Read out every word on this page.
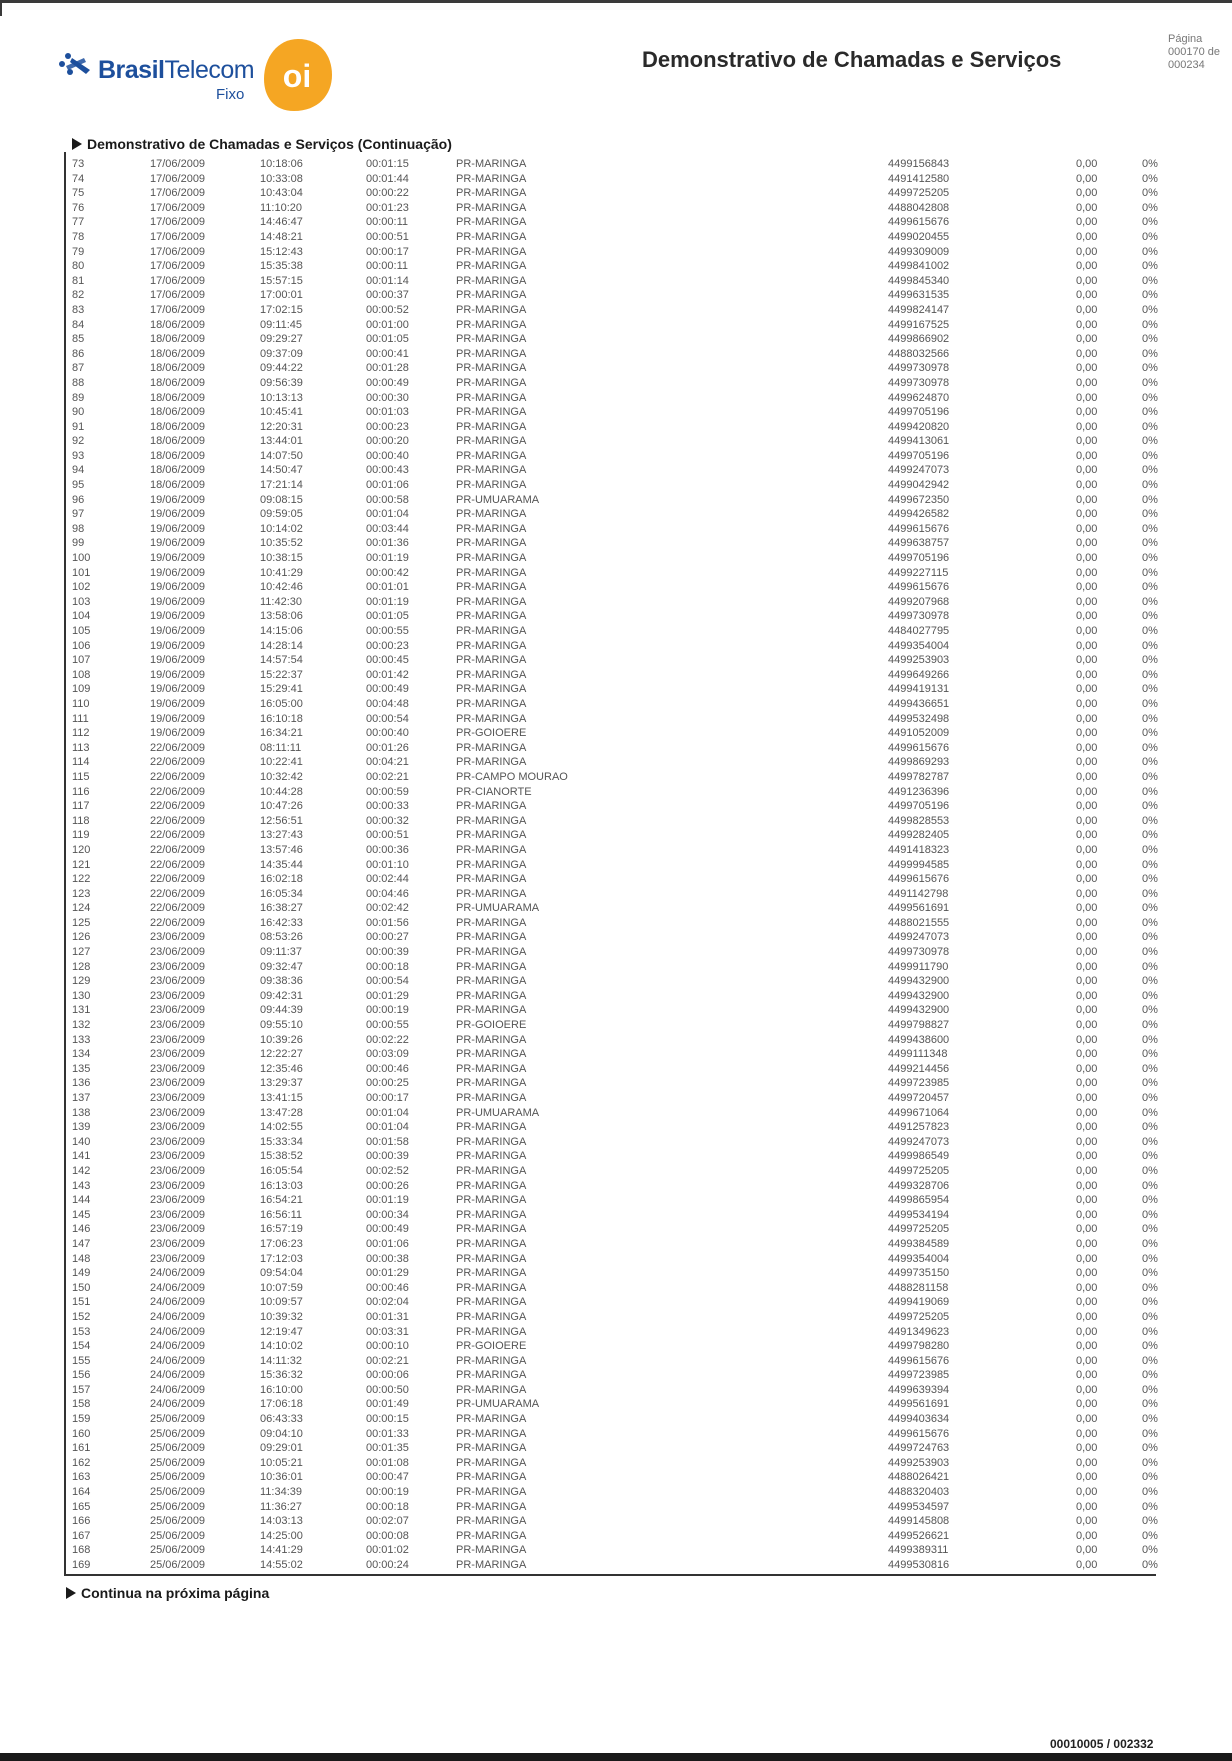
BrasilTelecom
Fixo
oi	Demonstrativo de Chamadas e Serviços
Página
000170 de
000234
Demonstrativo de Chamadas e Serviços (Continuação)
73	17/06/2009	10:18:06	00:01:15	PR-MARINGA	4499156843	0,00	0%
74	17/06/2009	10:33:08	00:01:44	PR-MARINGA	4491412580	0,00	0%
75	17/06/2009	10:43:04	00:00:22	PR-MARINGA	4499725205	0,00	0%
76	17/06/2009	11:10:20	00:01:23	PR-MARINGA	4488042808	0,00	0%
77	17/06/2009	14:46:47	00:00:11	PR-MARINGA	4499615676	0,00	0%
78	17/06/2009	14:48:21	00:00:51	PR-MARINGA	4499020455	0,00	0%
79	17/06/2009	15:12:43	00:00:17	PR-MARINGA	4499309009	0,00	0%
80	17/06/2009	15:35:38	00:00:11	PR-MARINGA	4499841002	0,00	0%
81	17/06/2009	15:57:15	00:01:14	PR-MARINGA	4499845340	0,00	0%
82	17/06/2009	17:00:01	00:00:37	PR-MARINGA	4499631535	0,00	0%
83	17/06/2009	17:02:15	00:00:52	PR-MARINGA	4499824147	0,00	0%
84	18/06/2009	09:11:45	00:01:00	PR-MARINGA	4499167525	0,00	0%
85	18/06/2009	09:29:27	00:01:05	PR-MARINGA	4499866902	0,00	0%
86	18/06/2009	09:37:09	00:00:41	PR-MARINGA	4488032566	0,00	0%
87	18/06/2009	09:44:22	00:01:28	PR-MARINGA	4499730978	0,00	0%
88	18/06/2009	09:56:39	00:00:49	PR-MARINGA	4499730978	0,00	0%
89	18/06/2009	10:13:13	00:00:30	PR-MARINGA	4499624870	0,00	0%
90	18/06/2009	10:45:41	00:01:03	PR-MARINGA	4499705196	0,00	0%
91	18/06/2009	12:20:31	00:00:23	PR-MARINGA	4499420820	0,00	0%
92	18/06/2009	13:44:01	00:00:20	PR-MARINGA	4499413061	0,00	0%
93	18/06/2009	14:07:50	00:00:40	PR-MARINGA	4499705196	0,00	0%
94	18/06/2009	14:50:47	00:00:43	PR-MARINGA	4499247073	0,00	0%
95	18/06/2009	17:21:14	00:01:06	PR-MARINGA	4499042942	0,00	0%
96	19/06/2009	09:08:15	00:00:58	PR-UMUARAMA	4499672350	0,00	0%
97	19/06/2009	09:59:05	00:01:04	PR-MARINGA	4499426582	0,00	0%
98	19/06/2009	10:14:02	00:03:44	PR-MARINGA	4499615676	0,00	0%
99	19/06/2009	10:35:52	00:01:36	PR-MARINGA	4499638757	0,00	0%
100	19/06/2009	10:38:15	00:01:19	PR-MARINGA	4499705196	0,00	0%
101	19/06/2009	10:41:29	00:00:42	PR-MARINGA	4499227115	0,00	0%
102	19/06/2009	10:42:46	00:01:01	PR-MARINGA	4499615676	0,00	0%
103	19/06/2009	11:42:30	00:01:19	PR-MARINGA	4499207968	0,00	0%
104	19/06/2009	13:58:06	00:01:05	PR-MARINGA	4499730978	0,00	0%
105	19/06/2009	14:15:06	00:00:55	PR-MARINGA	4484027795	0,00	0%
106	19/06/2009	14:28:14	00:00:23	PR-MARINGA	4499354004	0,00	0%
107	19/06/2009	14:57:54	00:00:45	PR-MARINGA	4499253903	0,00	0%
108	19/06/2009	15:22:37	00:01:42	PR-MARINGA	4499649266	0,00	0%
109	19/06/2009	15:29:41	00:00:49	PR-MARINGA	4499419131	0,00	0%
110	19/06/2009	16:05:00	00:04:48	PR-MARINGA	4499436651	0,00	0%
111	19/06/2009	16:10:18	00:00:54	PR-MARINGA	4499532498	0,00	0%
112	19/06/2009	16:34:21	00:00:40	PR-GOIOERE	4491052009	0,00	0%
113	22/06/2009	08:11:11	00:01:26	PR-MARINGA	4499615676	0,00	0%
114	22/06/2009	10:22:41	00:04:21	PR-MARINGA	4499869293	0,00	0%
115	22/06/2009	10:32:42	00:02:21	PR-CAMPO MOURAO	4499782787	0,00	0%
116	22/06/2009	10:44:28	00:00:59	PR-CIANORTE	4491236396	0,00	0%
117	22/06/2009	10:47:26	00:00:33	PR-MARINGA	4499705196	0,00	0%
118	22/06/2009	12:56:51	00:00:32	PR-MARINGA	4499828553	0,00	0%
119	22/06/2009	13:27:43	00:00:51	PR-MARINGA	4499282405	0,00	0%
120	22/06/2009	13:57:46	00:00:36	PR-MARINGA	4491418323	0,00	0%
121	22/06/2009	14:35:44	00:01:10	PR-MARINGA	4499994585	0,00	0%
122	22/06/2009	16:02:18	00:02:44	PR-MARINGA	4499615676	0,00	0%
123	22/06/2009	16:05:34	00:04:46	PR-MARINGA	4491142798	0,00	0%
124	22/06/2009	16:38:27	00:02:42	PR-UMUARAMA	4499561691	0,00	0%
125	22/06/2009	16:42:33	00:01:56	PR-MARINGA	4488021555	0,00	0%
126	23/06/2009	08:53:26	00:00:27	PR-MARINGA	4499247073	0,00	0%
127	23/06/2009	09:11:37	00:00:39	PR-MARINGA	4499730978	0,00	0%
128	23/06/2009	09:32:47	00:00:18	PR-MARINGA	4499911790	0,00	0%
129	23/06/2009	09:38:36	00:00:54	PR-MARINGA	4499432900	0,00	0%
130	23/06/2009	09:42:31	00:01:29	PR-MARINGA	4499432900	0,00	0%
131	23/06/2009	09:44:39	00:00:19	PR-MARINGA	4499432900	0,00	0%
132	23/06/2009	09:55:10	00:00:55	PR-GOIOERE	4499798827	0,00	0%
133	23/06/2009	10:39:26	00:02:22	PR-MARINGA	4499438600	0,00	0%
134	23/06/2009	12:22:27	00:03:09	PR-MARINGA	4499111348	0,00	0%
135	23/06/2009	12:35:46	00:00:46	PR-MARINGA	4499214456	0,00	0%
136	23/06/2009	13:29:37	00:00:25	PR-MARINGA	4499723985	0,00	0%
137	23/06/2009	13:41:15	00:00:17	PR-MARINGA	4499720457	0,00	0%
138	23/06/2009	13:47:28	00:01:04	PR-UMUARAMA	4499671064	0,00	0%
139	23/06/2009	14:02:55	00:01:04	PR-MARINGA	4491257823	0,00	0%
140	23/06/2009	15:33:34	00:01:58	PR-MARINGA	4499247073	0,00	0%
141	23/06/2009	15:38:52	00:00:39	PR-MARINGA	4499986549	0,00	0%
142	23/06/2009	16:05:54	00:02:52	PR-MARINGA	4499725205	0,00	0%
143	23/06/2009	16:13:03	00:00:26	PR-MARINGA	4499328706	0,00	0%
144	23/06/2009	16:54:21	00:01:19	PR-MARINGA	4499865954	0,00	0%
145	23/06/2009	16:56:11	00:00:34	PR-MARINGA	4499534194	0,00	0%
146	23/06/2009	16:57:19	00:00:49	PR-MARINGA	4499725205	0,00	0%
147	23/06/2009	17:06:23	00:01:06	PR-MARINGA	4499384589	0,00	0%
148	23/06/2009	17:12:03	00:00:38	PR-MARINGA	4499354004	0,00	0%
149	24/06/2009	09:54:04	00:01:29	PR-MARINGA	4499735150	0,00	0%
150	24/06/2009	10:07:59	00:00:46	PR-MARINGA	4488281158	0,00	0%
151	24/06/2009	10:09:57	00:02:04	PR-MARINGA	4499419069	0,00	0%
152	24/06/2009	10:39:32	00:01:31	PR-MARINGA	4499725205	0,00	0%
153	24/06/2009	12:19:47	00:03:31	PR-MARINGA	4491349623	0,00	0%
154	24/06/2009	14:10:02	00:00:10	PR-GOIOERE	4499798280	0,00	0%
155	24/06/2009	14:11:32	00:02:21	PR-MARINGA	4499615676	0,00	0%
156	24/06/2009	15:36:32	00:00:06	PR-MARINGA	4499723985	0,00	0%
157	24/06/2009	16:10:00	00:00:50	PR-MARINGA	4499639394	0,00	0%
158	24/06/2009	17:06:18	00:01:49	PR-UMUARAMA	4499561691	0,00	0%
159	25/06/2009	06:43:33	00:00:15	PR-MARINGA	4499403634	0,00	0%
160	25/06/2009	09:04:10	00:01:33	PR-MARINGA	4499615676	0,00	0%
161	25/06/2009	09:29:01	00:01:35	PR-MARINGA	4499724763	0,00	0%
162	25/06/2009	10:05:21	00:01:08	PR-MARINGA	4499253903	0,00	0%
163	25/06/2009	10:36:01	00:00:47	PR-MARINGA	4488026421	0,00	0%
164	25/06/2009	11:34:39	00:00:19	PR-MARINGA	4488320403	0,00	0%
165	25/06/2009	11:36:27	00:00:18	PR-MARINGA	4499534597	0,00	0%
166	25/06/2009	14:03:13	00:02:07	PR-MARINGA	4499145808	0,00	0%
167	25/06/2009	14:25:00	00:00:08	PR-MARINGA	4499526621	0,00	0%
168	25/06/2009	14:41:29	00:01:02	PR-MARINGA	4499389311	0,00	0%
169	25/06/2009	14:55:02	00:00:24	PR-MARINGA	4499530816	0,00	0%
Continua na próxima página
00010005 / 002332
